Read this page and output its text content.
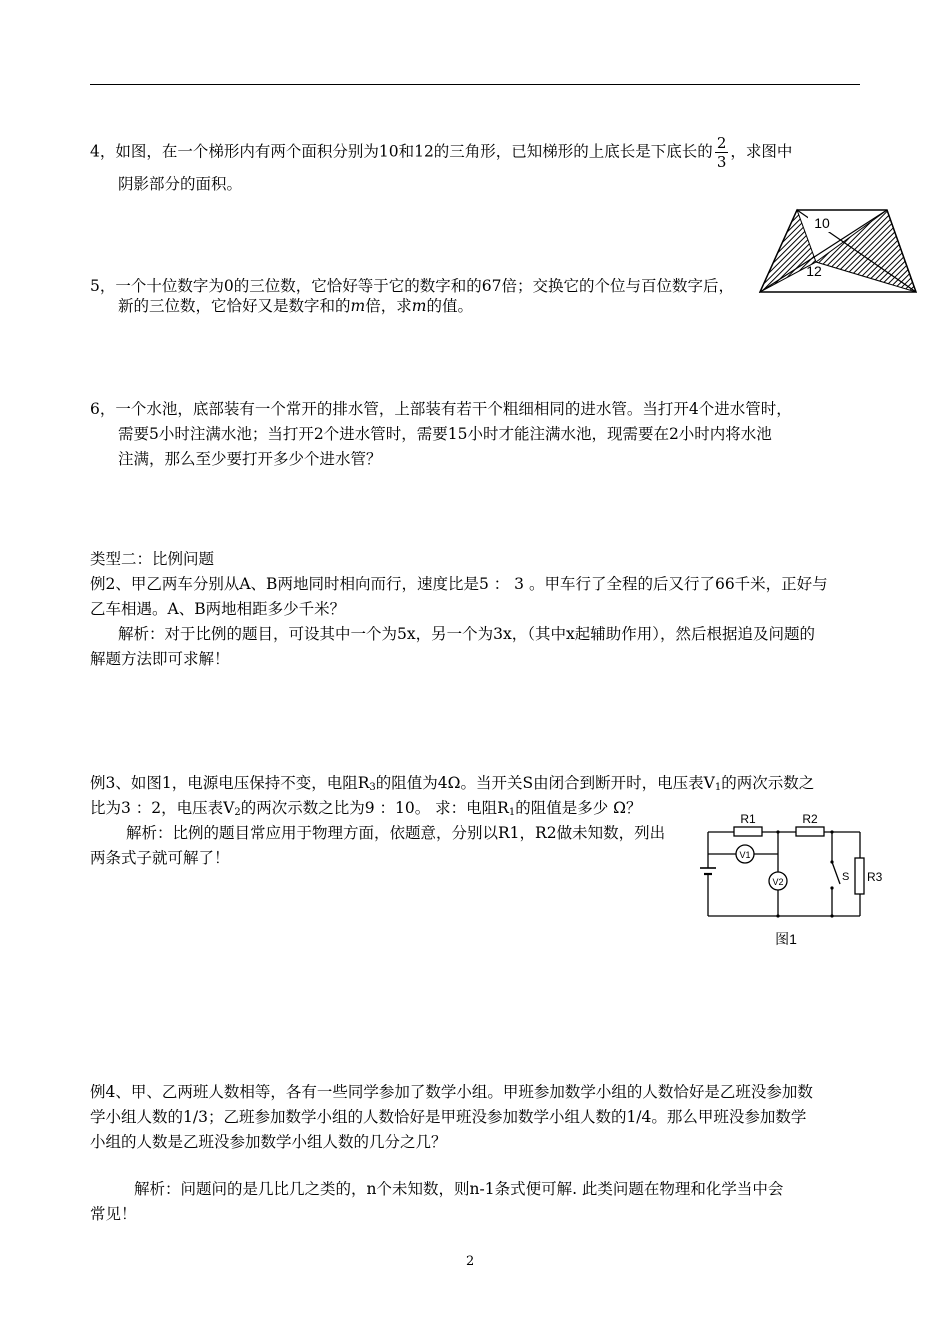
4，如图，在一个梯形内有两个面积分别为10和12的三角形，已知梯形的上底长是下底长的 $\frac{2}{3}$ ，求图中
阴影部分的面积。
10
12
5，一个十位数字为0的三位数，它恰好等于它的数字和的67倍；交换它的个位与百位数字后，
新的三位数，它恰好又是数字和的m倍，求m的值。
6，一个水池，底部装有一个常开的排水管，上部装有若干个粗细相同的进水管。当打开4个进水管时，
需要5小时注满水池；当打开2个进水管时，需要15小时才能注满水池，现需要在2小时内将水池
注满，那么至少要打开多少个进水管？
类型二：比例问题
例2、甲乙两车分别从A、B两地同时相向而行，速度比是5 ： 3 。甲车行了全程的后又行了66千米，正好与
乙车相遇。A、B两地相距多少千米？
解析：对于比例的题目，可设其中一个为5x，另一个为3x，（其中x起辅助作用），然后根据追及问题的
解题方法即可求解！
例3、如图1，电源电压保持不变，电阻$R_3$的阻值为4Ω。当开关S由闭合到断开时，电压表$V_1$的两次示数之
比为3 ：2，电压表$V_2$的两次示数之比为9 ：10。 求：电阻$R_1$的阻值是多少 Ω？
解析：比例的题目常应用于物理方面，依题意，分别以R1，R2做未知数，列出
两条式子就可解了！
R1	R2
R3
V1
V2	S
图1
例4、甲、乙两班人数相等，各有一些同学参加了数学小组。甲班参加数学小组的人数恰好是乙班没参加数
学小组人数的1/3；乙班参加数学小组的人数恰好是甲班没参加数学小组人数的1/4。那么甲班没参加数学
小组的人数是乙班没参加数学小组人数的几分之几？
解析：问题问的是几比几之类的，n个未知数，则n-1条式便可解. 此类问题在物理和化学当中会
常见！
2
